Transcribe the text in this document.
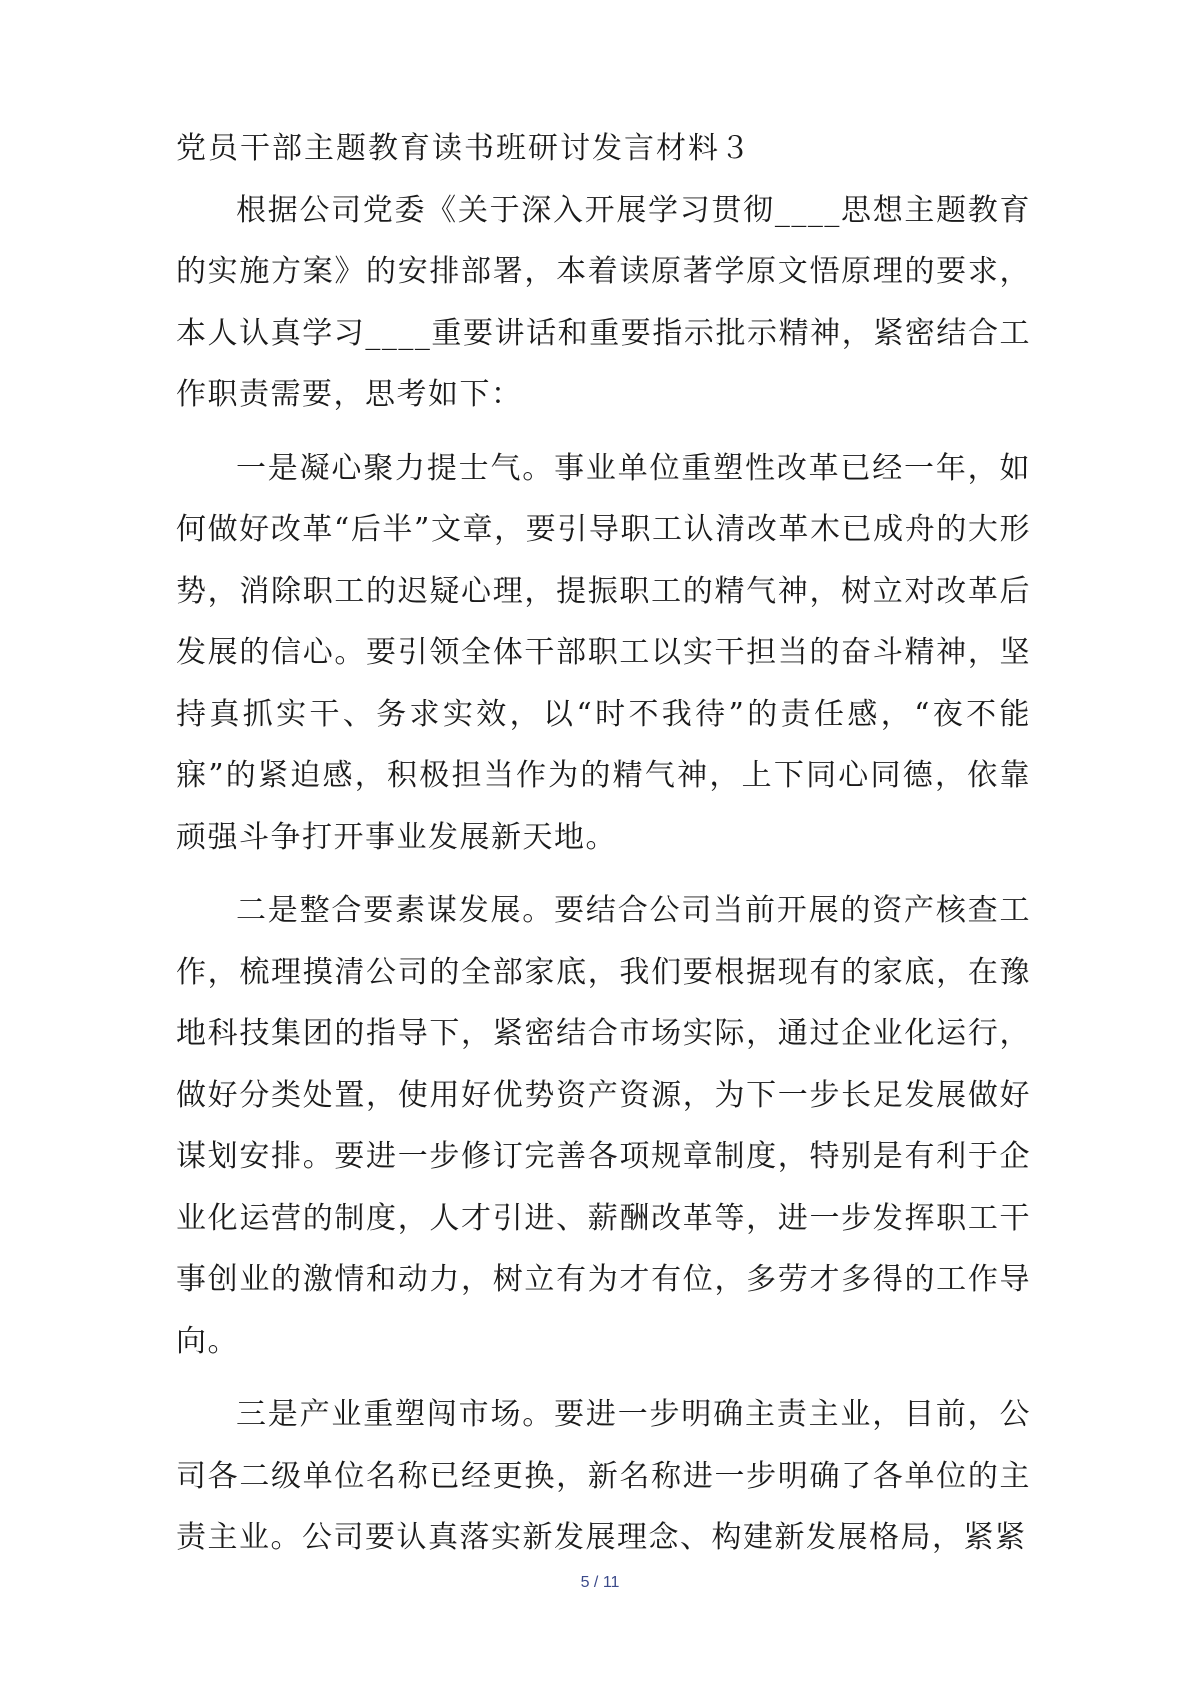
党员干部主题教育读书班研讨发言材料３

根据公司党委《关于深入开展学习贯彻____思想主题教育的实施方案》的安排部署，本着读原著学原文悟原理的要求，本人认真学习____重要讲话和重要指示批示精神，紧密结合工作职责需要，思考如下：

一是凝心聚力提士气。事业单位重塑性改革已经一年，如何做好改革“后半”文章，要引导职工认清改革木已成舟的大形势，消除职工的迟疑心理，提振职工的精气神，树立对改革后发展的信心。要引领全体干部职工以实干担当的奋斗精神，坚持真抓实干、务求实效，以“时不我待”的责任感，“夜不能寐”的紧迫感，积极担当作为的精气神，上下同心同德，依靠顽强斗争打开事业发展新天地。

二是整合要素谋发展。要结合公司当前开展的资产核查工作，梳理摸清公司的全部家底，我们要根据现有的家底，在豫地科技集团的指导下，紧密结合市场实际，通过企业化运行，做好分类处置，使用好优势资产资源，为下一步长足发展做好谋划安排。要进一步修订完善各项规章制度，特别是有利于企业化运营的制度，人才引进、薪酬改革等，进一步发挥职工干事创业的激情和动力，树立有为才有位，多劳才多得的工作导向。

三是产业重塑闯市场。要进一步明确主责主业，目前，公司各二级单位名称已经更换，新名称进一步明确了各单位的主责主业。公司要认真落实新发展理念、构建新发展格局，紧紧

5 / 11
